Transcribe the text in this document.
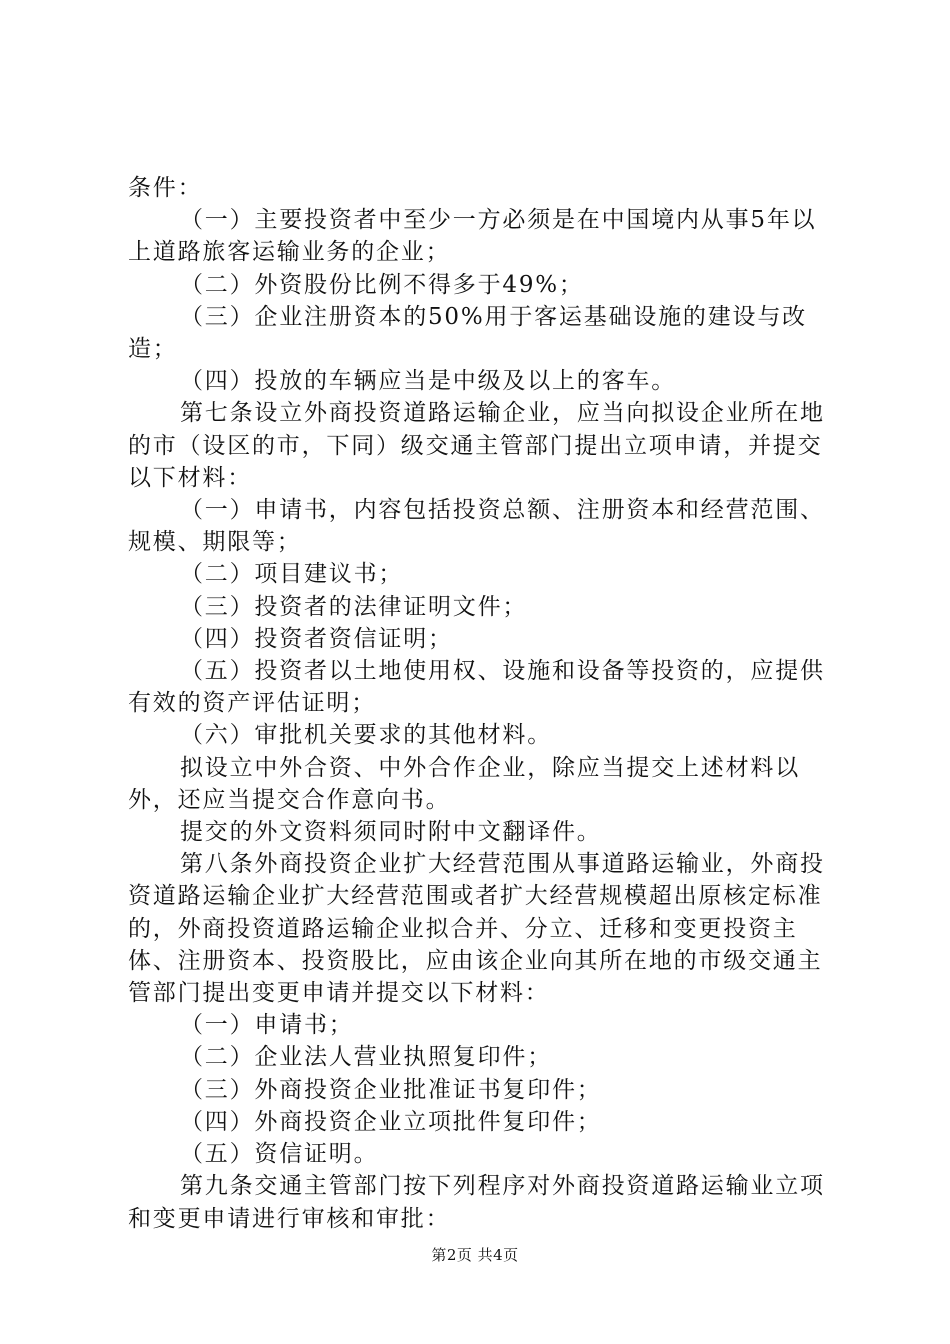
条件：

（一）主要投资者中至少一方必须是在中国境内从事5年以上道路旅客运输业务的企业；

（二）外资股份比例不得多于49%；

（三）企业注册资本的50%用于客运基础设施的建设与改造；

（四）投放的车辆应当是中级及以上的客车。

第七条设立外商投资道路运输企业，应当向拟设企业所在地的市（设区的市，下同）级交通主管部门提出立项申请，并提交以下材料：

（一）申请书，内容包括投资总额、注册资本和经营范围、规模、期限等；

（二）项目建议书；

（三）投资者的法律证明文件；

（四）投资者资信证明；

（五）投资者以土地使用权、设施和设备等投资的，应提供有效的资产评估证明；

（六）审批机关要求的其他材料。

拟设立中外合资、中外合作企业，除应当提交上述材料以外，还应当提交合作意向书。

提交的外文资料须同时附中文翻译件。

第八条外商投资企业扩大经营范围从事道路运输业，外商投资道路运输企业扩大经营范围或者扩大经营规模超出原核定标准的，外商投资道路运输企业拟合并、分立、迁移和变更投资主体、注册资本、投资股比，应由该企业向其所在地的市级交通主管部门提出变更申请并提交以下材料：

（一）申请书；

（二）企业法人营业执照复印件；

（三）外商投资企业批准证书复印件；

（四）外商投资企业立项批件复印件；

（五）资信证明。

第九条交通主管部门按下列程序对外商投资道路运输业立项和变更申请进行审核和审批：

第2页 共4页
